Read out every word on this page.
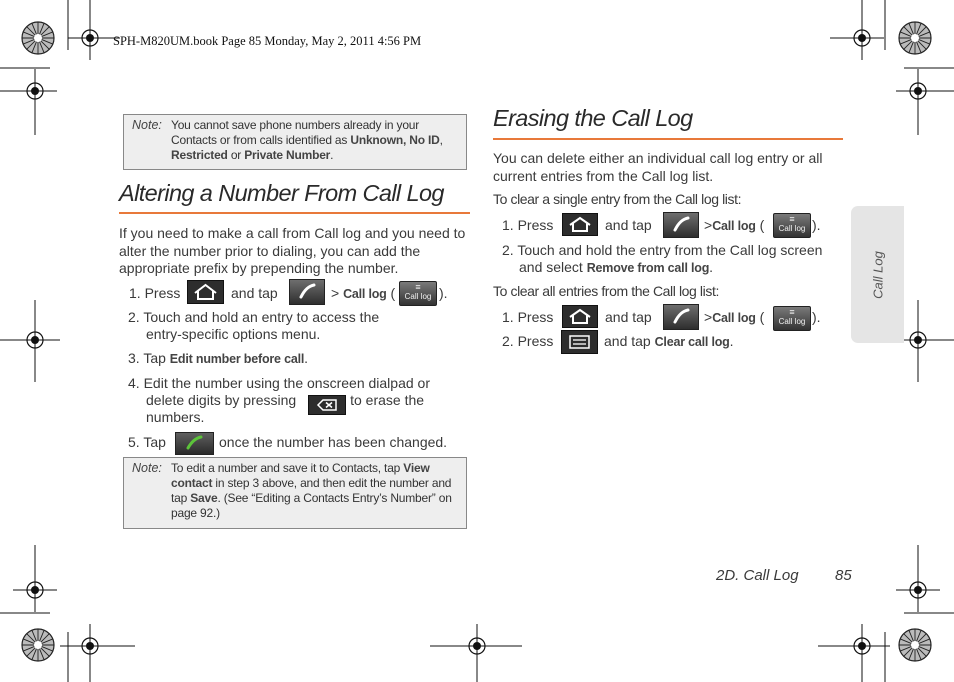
SPH-M820UM.book Page 85 Monday, May 2, 2011 4:56 PM
Note: You cannot save phone numbers already in your
Contacts or from calls identified as Unknown, No ID,
Restricted or Private Number.
Altering a Number From Call Log
If you need to make a call from Call log and you need to alter the number prior to dialing, you can add the appropriate prefix by prepending the number.
1. Press	and tap	> Call log (	≡
Call log ).
2. Touch and hold an entry to access the
entry-specific options menu.
3. Tap Edit number before call.
4. Edit the number using the onscreen dialpad or
delete digits by pressing	to erase the
numbers.
5. Tap	once the number has been changed.
Note: To edit a number and save it to Contacts, tap View
contact in step 3 above, and then edit the number and
tap Save. (See “Editing a Contacts Entry’s Number” on
page 92.)
Erasing the Call Log
You can delete either an individual call log entry or all current entries from the Call log list.
To clear a single entry from the Call log list:
1. Press	and tap	>Call log (	≡
Call log ).
2. Touch and hold the entry from the Call log screen
and select Remove from call log.
To clear all entries from the Call log list:
1. Press	and tap	>Call log (	≡
Call log ).
2. Press	and tap Clear call log.
Call Log
2D. Call Log 85
